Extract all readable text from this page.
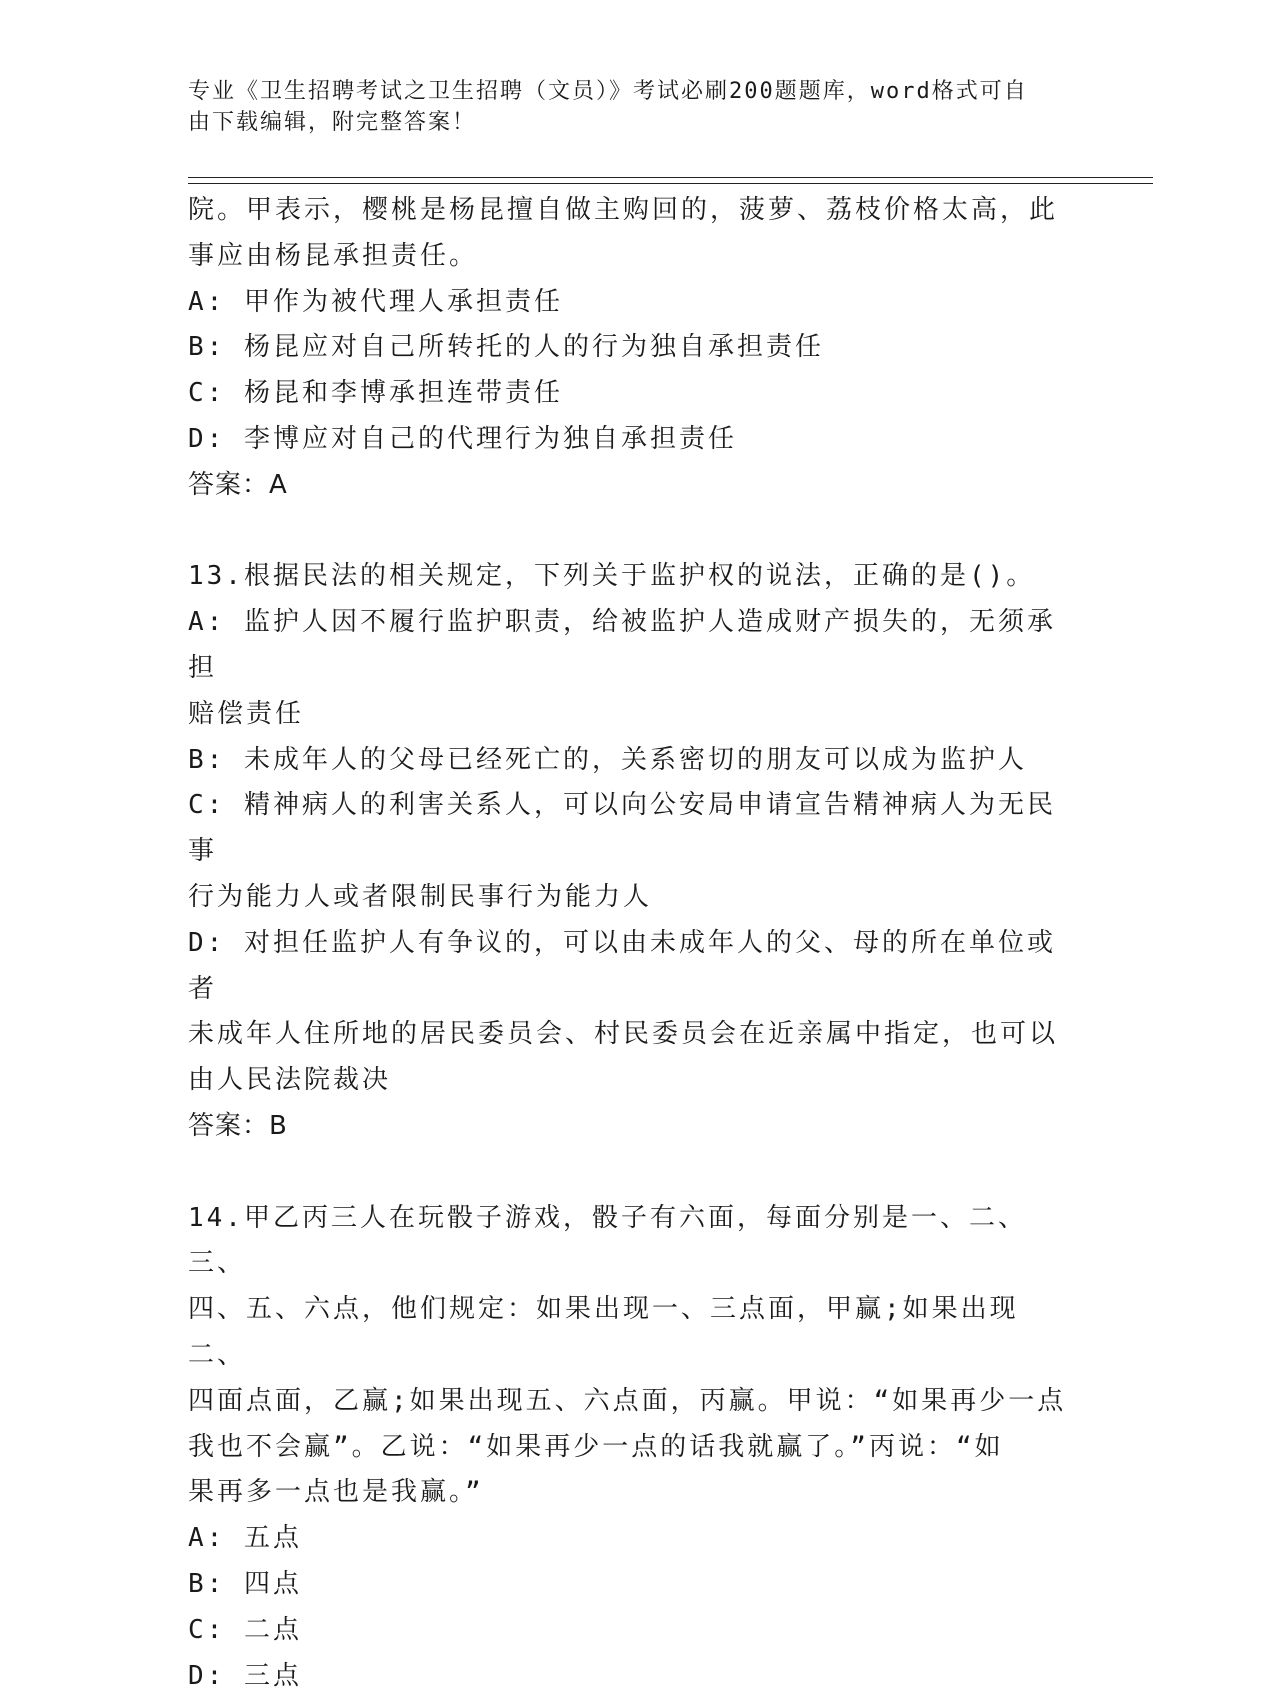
专业《卫生招聘考试之卫生招聘（文员）》考试必刷200题题库，word格式可自
由下载编辑，附完整答案！

院。甲表示，樱桃是杨昆擅自做主购回的，菠萝、荔枝价格太高，此

事应由杨昆承担责任。

A: 甲作为被代理人承担责任

B: 杨昆应对自己所转托的人的行为独自承担责任

C: 杨昆和李博承担连带责任

D: 李博应对自己的代理行为独自承担责任

答案：A

13.根据民法的相关规定，下列关于监护权的说法，正确的是()。

A: 监护人因不履行监护职责，给被监护人造成财产损失的，无须承担

赔偿责任

B: 未成年人的父母已经死亡的，关系密切的朋友可以成为监护人

C: 精神病人的利害关系人，可以向公安局申请宣告精神病人为无民事

行为能力人或者限制民事行为能力人

D: 对担任监护人有争议的，可以由未成年人的父、母的所在单位或者

未成年人住所地的居民委员会、村民委员会在近亲属中指定，也可以

由人民法院裁决

答案：B

14.甲乙丙三人在玩骰子游戏，骰子有六面，每面分别是一、二、三、

四、五、六点，他们规定：如果出现一、三点面，甲赢;如果出现二、

四面点面，乙赢;如果出现五、六点面，丙赢。甲说：“如果再少一点

我也不会赢”。乙说：“如果再少一点的话我就赢了。”丙说：“如

果再多一点也是我赢。”

A: 五点

B: 四点

C: 二点

D: 三点
